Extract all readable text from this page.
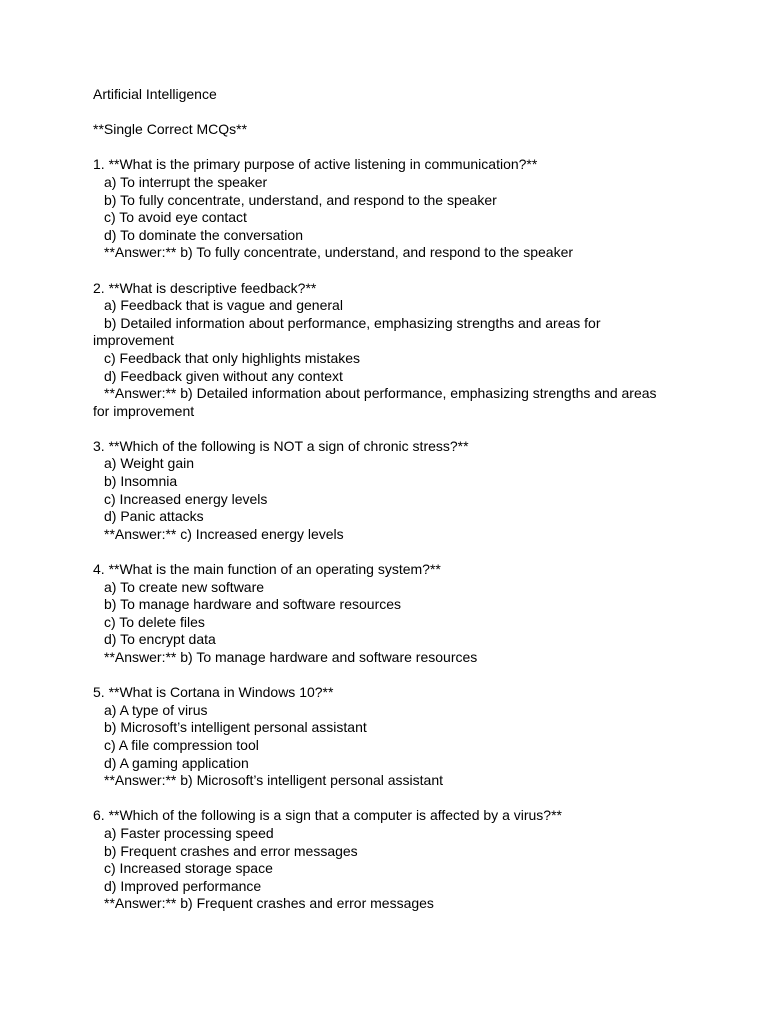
Artificial Intelligence
**Single Correct MCQs**
1. **What is the primary purpose of active listening in communication?**
a) To interrupt the speaker
b) To fully concentrate, understand, and respond to the speaker
c) To avoid eye contact
d) To dominate the conversation
**Answer:** b) To fully concentrate, understand, and respond to the speaker
2. **What is descriptive feedback?**
a) Feedback that is vague and general
b) Detailed information about performance, emphasizing strengths and areas for
improvement
c) Feedback that only highlights mistakes
d) Feedback given without any context
**Answer:** b) Detailed information about performance, emphasizing strengths and areas
for improvement
3. **Which of the following is NOT a sign of chronic stress?**
a) Weight gain
b) Insomnia
c) Increased energy levels
d) Panic attacks
**Answer:** c) Increased energy levels
4. **What is the main function of an operating system?**
a) To create new software
b) To manage hardware and software resources
c) To delete files
d) To encrypt data
**Answer:** b) To manage hardware and software resources
5. **What is Cortana in Windows 10?**
a) A type of virus
b) Microsoft’s intelligent personal assistant
c) A file compression tool
d) A gaming application
**Answer:** b) Microsoft’s intelligent personal assistant
6. **Which of the following is a sign that a computer is affected by a virus?**
a) Faster processing speed
b) Frequent crashes and error messages
c) Increased storage space
d) Improved performance
**Answer:** b) Frequent crashes and error messages
